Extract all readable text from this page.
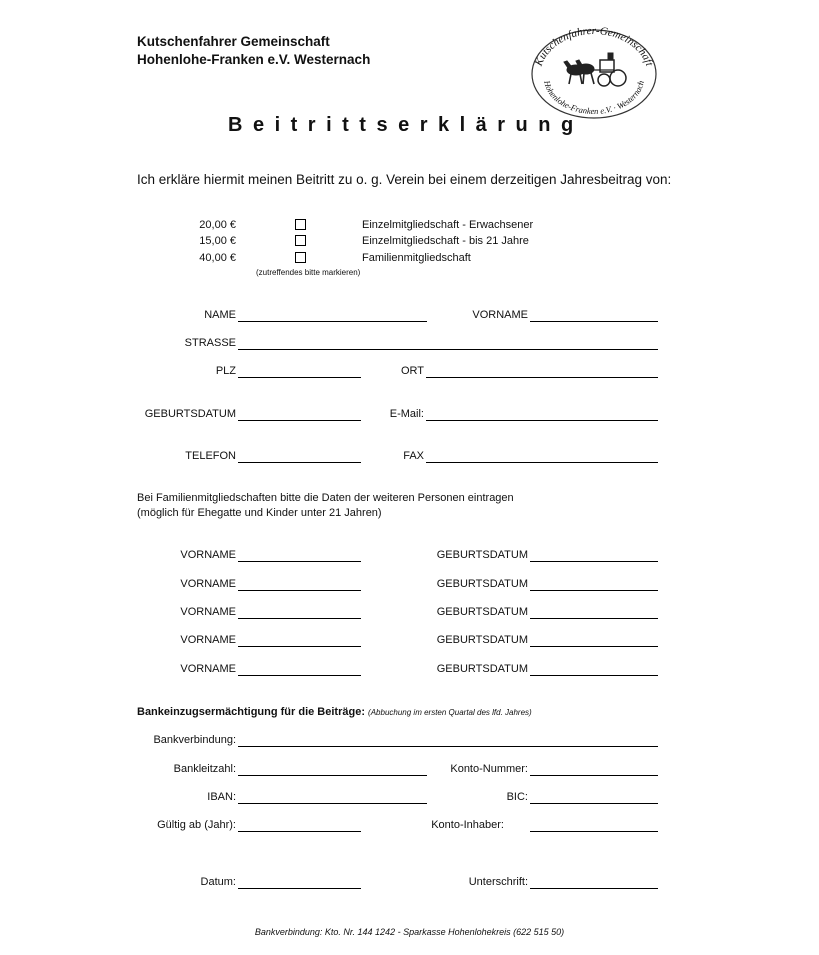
Kutschenfahrer Gemeinschaft
Hohenlohe-Franken e.V. Westernach	Kutschenfahrer-Gemeinschaft
Hohenlohe-Franken e.V. · Westernach
Beitrittserklärung
Ich erkläre hiermit meinen Beitritt zu o. g. Verein bei einem derzeitigen Jahresbeitrag von:
20,00 €	Einzelmitgliedschaft - Erwachsener
15,00 €	Einzelmitgliedschaft - bis 21 Jahre
40,00 €	Familienmitgliedschaft
(zutreffendes bitte markieren)
NAME	VORNAME
STRASSE
PLZ	ORT
GEBURTSDATUM	E-Mail:
TELEFON	FAX
Bei Familienmitgliedschaften bitte die Daten der weiteren Personen eintragen
(möglich für Ehegatte und Kinder unter 21 Jahren)
VORNAME	GEBURTSDATUM
VORNAME	GEBURTSDATUM
VORNAME	GEBURTSDATUM
VORNAME	GEBURTSDATUM
VORNAME	GEBURTSDATUM
Bankeinzugsermächtigung für die Beiträge: (Abbuchung im ersten Quartal des lfd. Jahres)
Bankverbindung:
Bankleitzahl:	Konto-Nummer:
IBAN:	BIC:
Gültig ab (Jahr):	Konto-Inhaber:
Datum:	Unterschrift:
Bankverbindung: Kto. Nr. 144 1242 - Sparkasse Hohenlohekreis (622 515 50)
